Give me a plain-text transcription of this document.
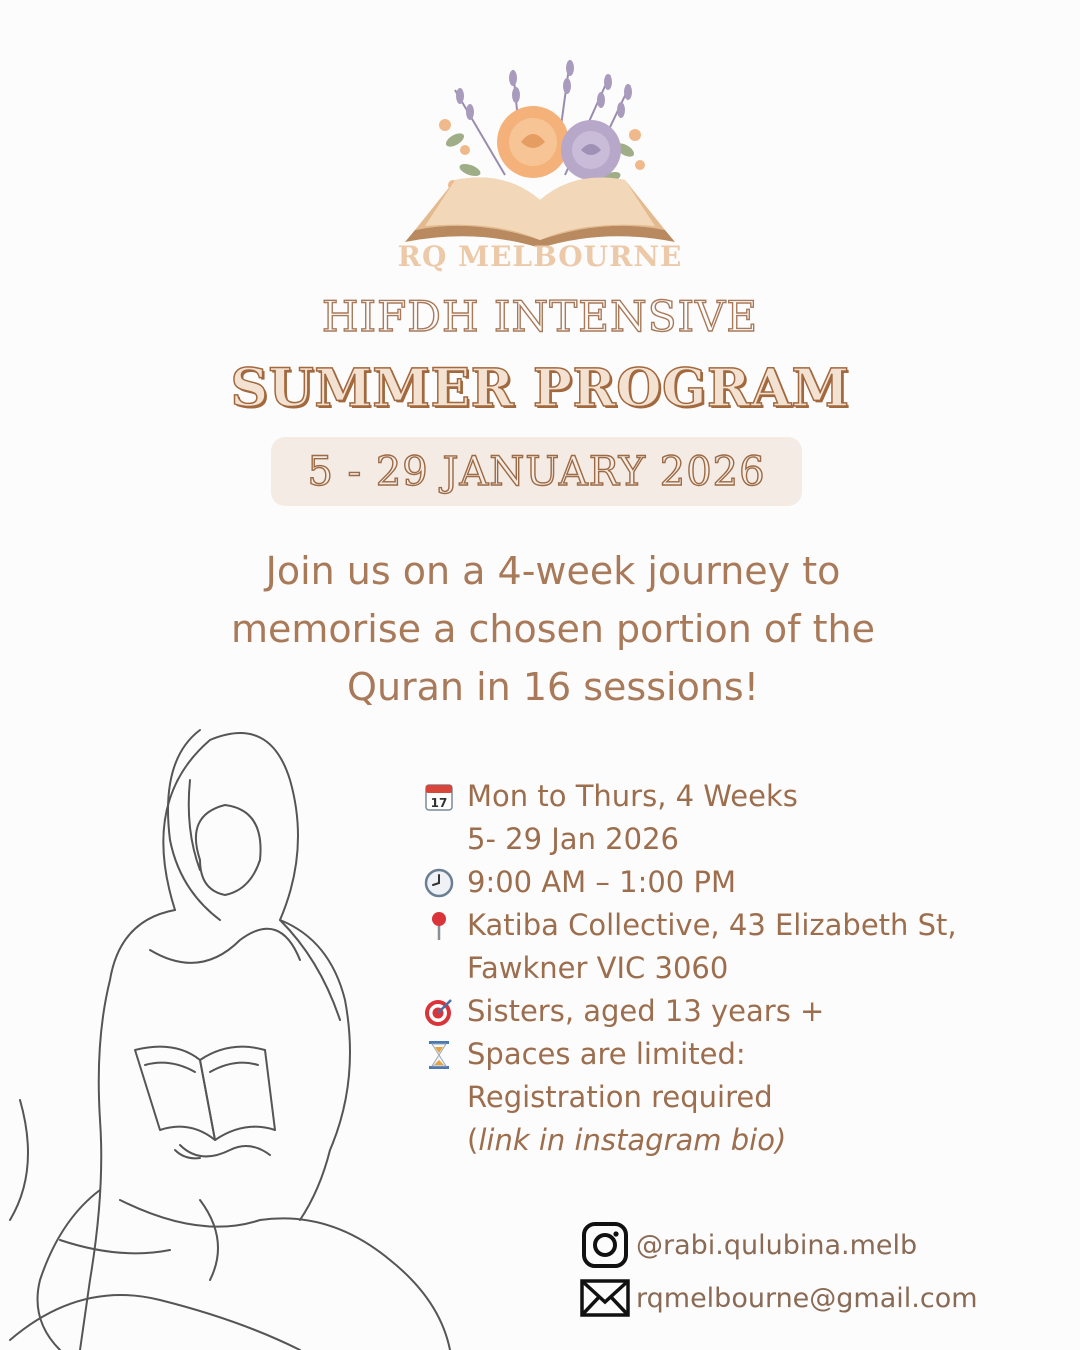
RQ MELBOURNE
HIFDH INTENSIVE
SUMMER PROGRAM
5 - 29 JANUARY 2026
Join us on a 4-week journey to
memorise a chosen portion of the
Quran in 16 sessions!
17 Mon to Thurs, 4 Weeks
5- 29 Jan 2026
9:00 AM – 1:00 PM
Katiba Collective, 43 Elizabeth St,
Fawkner VIC 3060
Sisters, aged 13 years +
Spaces are limited:
Registration required
(link in instagram bio)
@rabi.qulubina.melb
rqmelbourne@gmail.com
